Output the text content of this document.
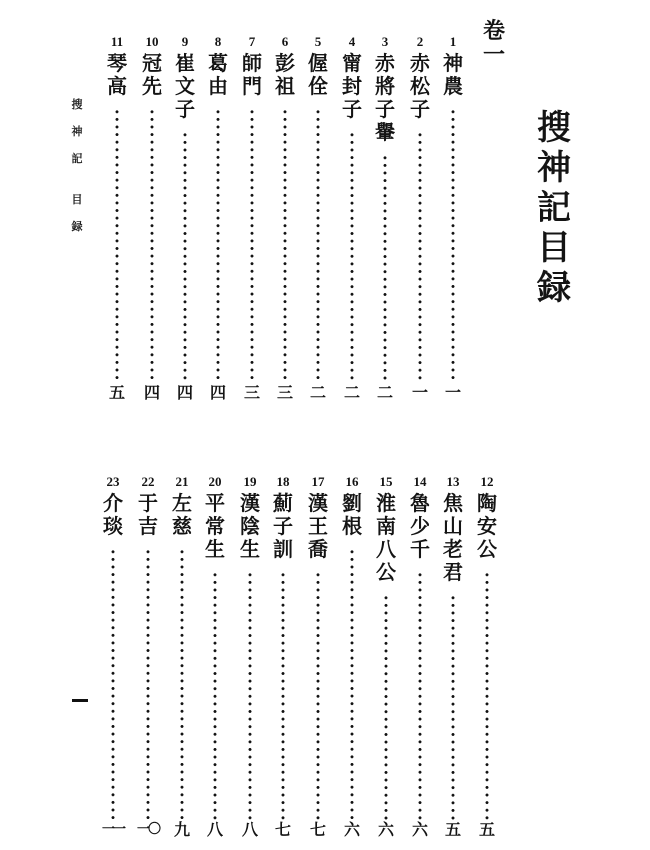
搜
神
記
目
録
卷
一
搜
神
記
目
録
1
神
農
一
2
赤
松
子
一
3
赤
將
子
轝
二
4
甯
封
子
二
5
偓
佺
二
6
彭
祖
三
7
師
門
三
8
葛
由
四
9
崔
文
子
四
10
冠
先
四
11
琴
高
五
12
陶
安
公
五
13
焦
山
老
君
五
14
魯
少
千
六
15
淮
南
八
公
六
16
劉
根
六
17
漢
王
喬
七
18
薊
子
訓
七
19
漢
陰
生
八
20
平
常
生
八
21
左
慈
九
22
于
吉
一〇
23
介
琰
一一
